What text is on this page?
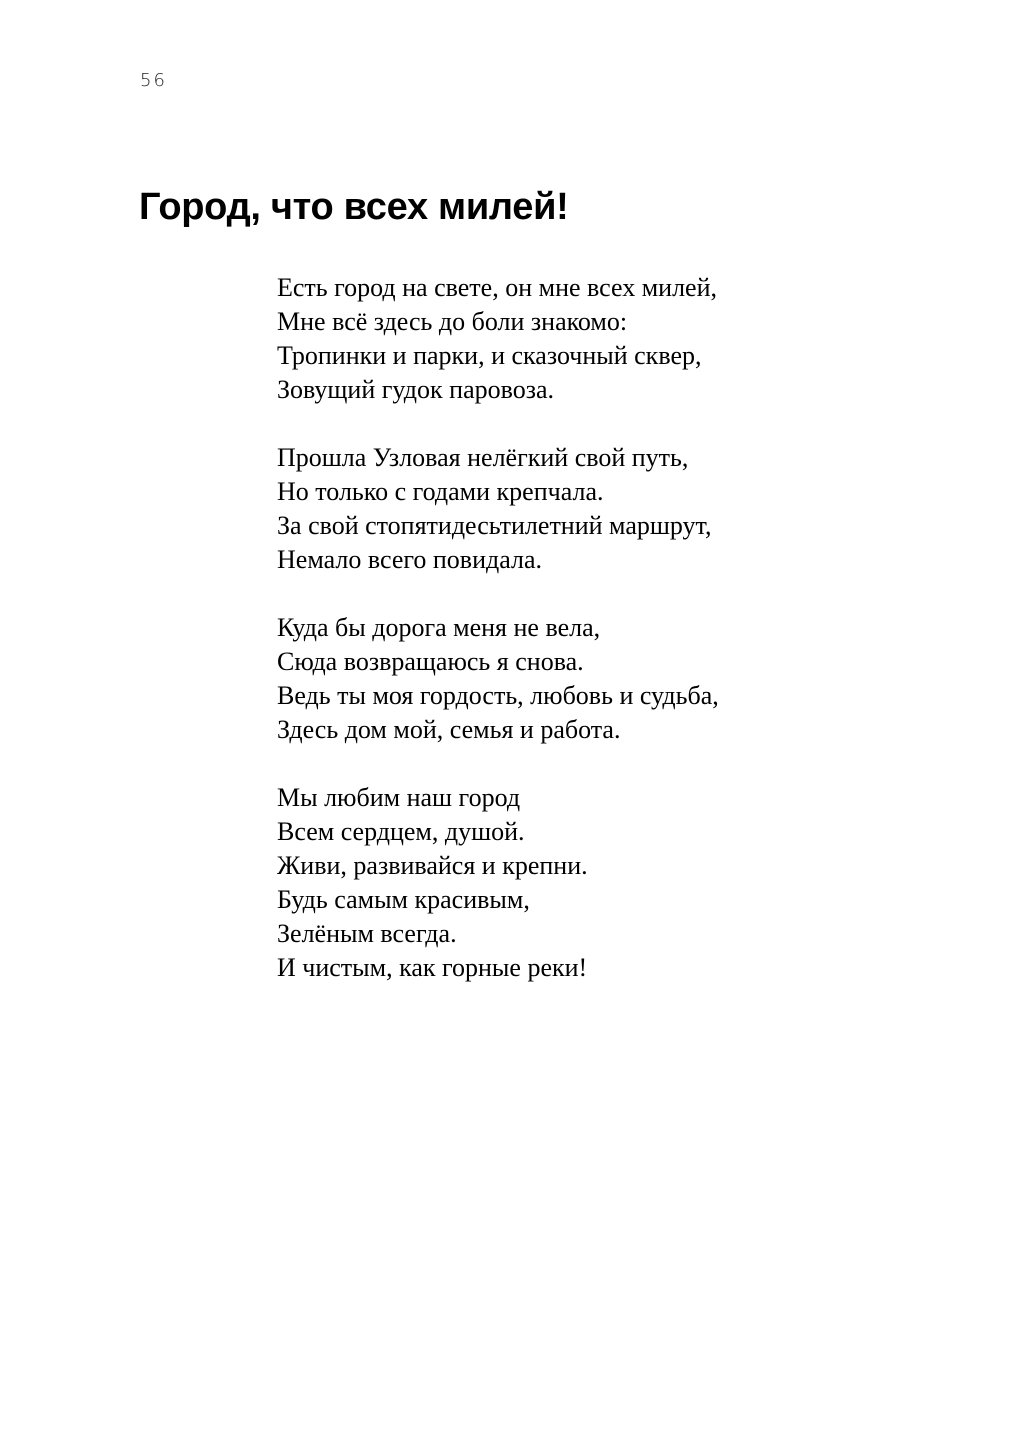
56
Город, что всех милей!
Есть город на свете, он мне всех милей,
Мне всё здесь до боли знакомо:
Тропинки и парки, и сказочный сквер,
Зовущий гудок паровоза.
Прошла Узловая нелёгкий свой путь,
Но только с годами крепчала.
За свой стопятидесьтилетний маршрут,
Немало всего повидала.
Куда бы дорога меня не вела,
Сюда возвращаюсь я снова.
Ведь ты моя гордость, любовь и судьба,
Здесь дом мой, семья и работа.
Мы любим наш город
Всем сердцем, душой.
Живи, развивайся и крепни.
Будь самым красивым,
Зелёным всегда.
И чистым, как горные реки!
